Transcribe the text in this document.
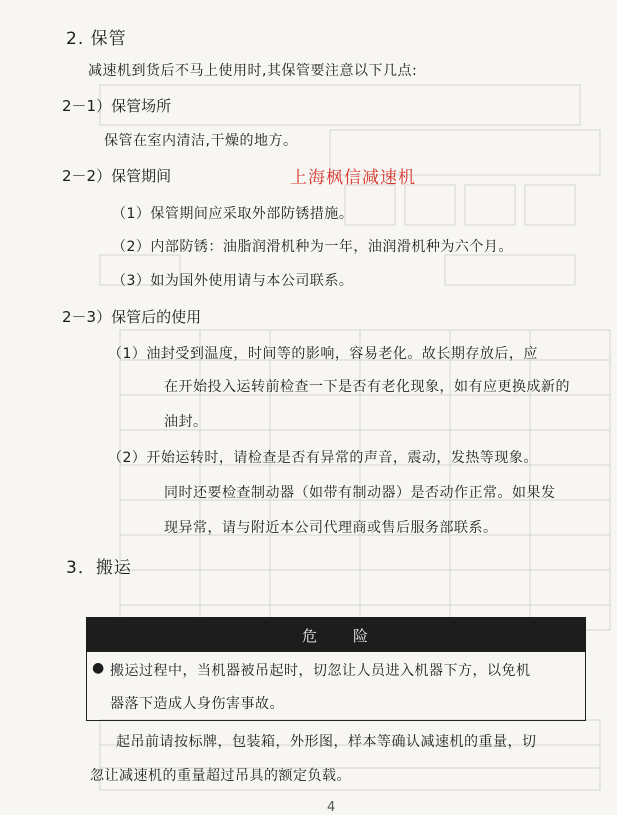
2. 保管
减速机到货后不马上使用时,其保管要注意以下几点:
2－1）保管场所
保管在室内清洁,干燥的地方。
2－2）保管期间	上海枫信减速机
（1）保管期间应采取外部防锈措施。
（2）内部防锈：油脂润滑机种为一年，油润滑机种为六个月。
（3）如为国外使用请与本公司联系。
2－3）保管后的使用
（1）油封受到温度，时间等的影响，容易老化。故长期存放后，应
在开始投入运转前检查一下是否有老化现象，如有应更换成新的
油封。
（2）开始运转时，请检查是否有异常的声音，震动，发热等现象。
同时还要检查制动器（如带有制动器）是否动作正常。如果发
现异常，请与附近本公司代理商或售后服务部联系。
3．搬运
危　　险
● 搬运过程中，当机器被吊起时，切忽让人员进入机器下方，以免机
器落下造成人身伤害事故。
起吊前请按标牌，包装箱，外形图，样本等确认减速机的重量，切
忽让减速机的重量超过吊具的额定负载。
4
